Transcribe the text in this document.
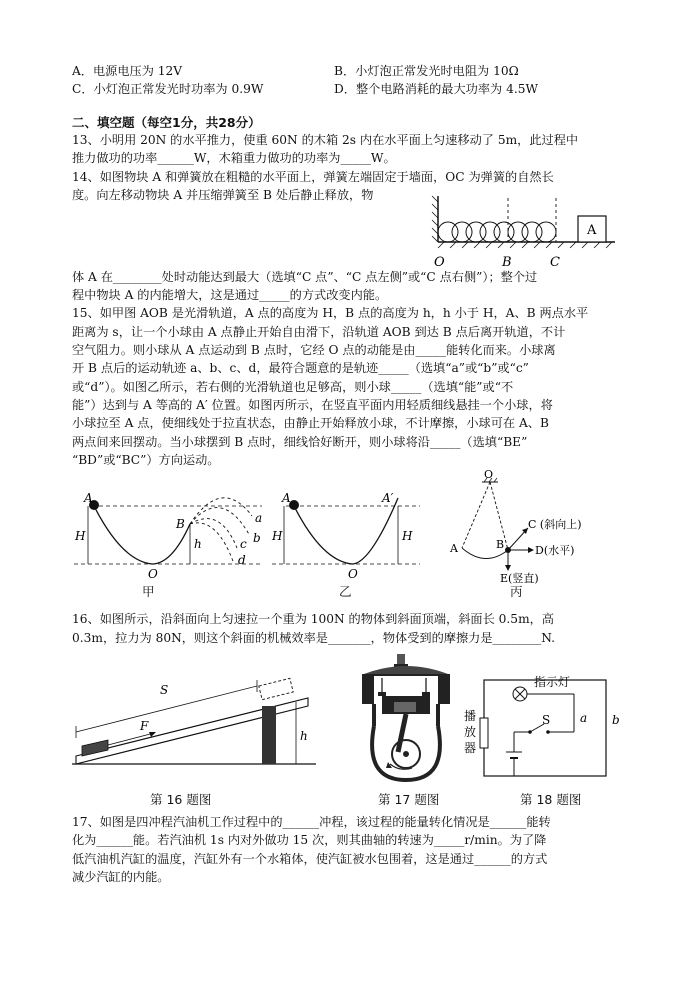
A．电源电压为 12V	B．小灯泡正常发光时电阻为 10Ω
C．小灯泡正常发光时功率为 0.9W	D．整个电路消耗的最大功率为 4.5W
二、填空题（每空1分，共28分）
13、小明用 20N 的水平推力，使重 60N 的木箱 2s 内在水平面上匀速移动了 5m，此过程中
推力做功的功率______W，木箱重力做功的功率为_____W。
14、如图物块 A 和弹簧放在粗糙的水平面上，弹簧左端固定于墙面，OC 为弹簧的自然长
度。向左移动物块 A 并压缩弹簧至 B 处后静止释放，物
A
O	B	C
体 A 在________处时动能达到最大（选填“C 点”、“C 点左侧”或“C 点右侧”）；整个过
程中物块 A 的内能增大，这是通过_____的方式改变内能。
15、如甲图 AOB 是光滑轨道，A 点的高度为 H，B 点的高度为 h，h 小于 H，A、B 两点水平
距离为 s，让一个小球由 A 点静止开始自由滑下，沿轨道 AOB 到达 B 点后离开轨道，不计
空气阻力。则小球从 A 点运动到 B 点时，它经 O 点的动能是由_____能转化而来。小球离
开 B 点后的运动轨迹 a、b、c、d，最符合题意的是轨迹_____（选填“a”或“b”或“c”
或“d”）。如图乙所示，若右侧的光滑轨道也足够高，则小球_____（选填“能”或“不
能”）达到与 A 等高的 A′ 位置。如图丙所示，在竖直平面内用轻质细线悬挂一个小球，将
小球拉至 A 点，使细线处于拉直状态，由静止开始释放小球，不计摩擦，小球可在 A、B
两点间来回摆动。当小球摆到 B 点时，细线恰好断开，则小球将沿_____（选填“BE”
“BD”或“BC”）方向运动。
A
H
O
B
h
a
b
c
d
甲
A
H
O
A′
H
乙
O
A	B
C (斜向上)
D(水平)
E(竖直)
丙
16、如图所示，沿斜面向上匀速拉一个重为 100N 的物体到斜面顶端，斜面长 0.5m，高
0.3m，拉力为 80N，则这个斜面的机械效率是_______，物体受到的摩擦力是________N.
S
F
h
第 16 题图	第 17 题图
指示灯
播
放
器
S a b
第 18 题图
17、如图是四冲程汽油机工作过程中的______冲程，该过程的能量转化情况是______能转
化为______能。若汽油机 1s 内对外做功 15 次，则其曲轴的转速为_____r/min。为了降
低汽油机汽缸的温度，汽缸外有一个水箱体，使汽缸被水包围着，这是通过______的方式
减少汽缸的内能。
